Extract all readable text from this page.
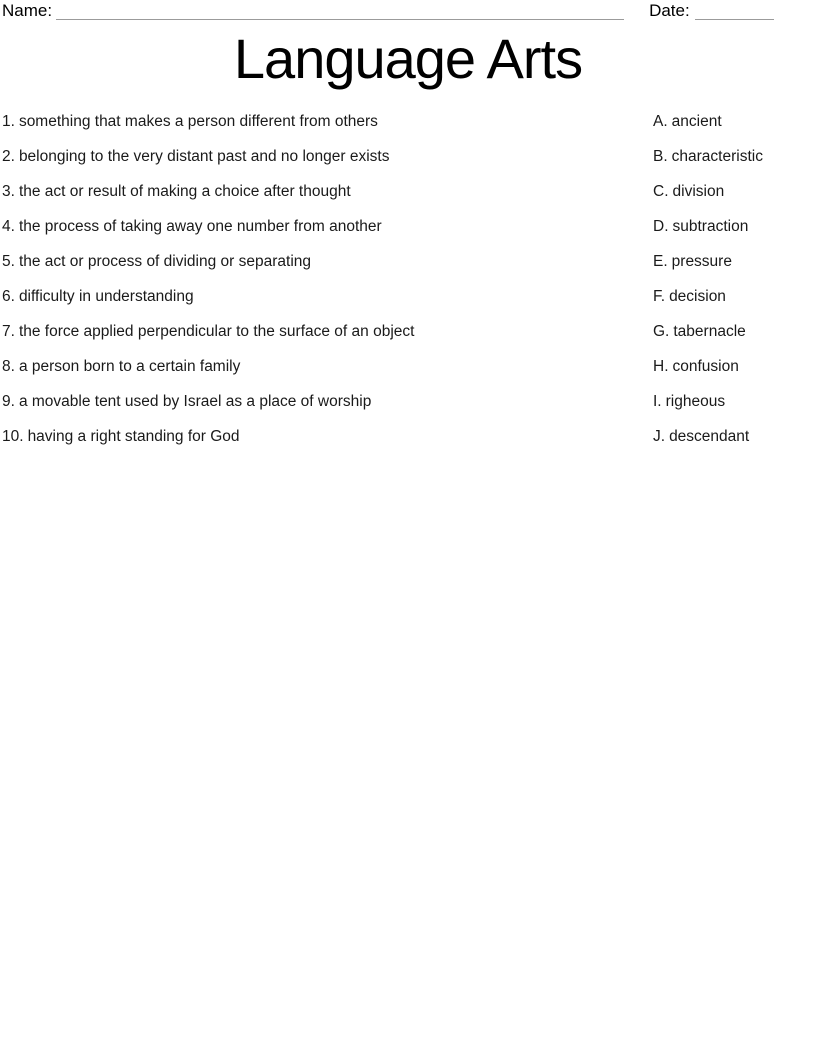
Name:	Date:
Language Arts
1. something that makes a person different from others
2. belonging to the very distant past and no longer exists
3. the act or result of making a choice after thought
4. the process of taking away one number from another
5. the act or process of dividing or separating
6. difficulty in understanding
7. the force applied perpendicular to the surface of an object
8. a person born to a certain family
9. a movable tent used by Israel as a place of worship
10. having a right standing for God
A. ancient
B. characteristic
C. division
D. subtraction
E. pressure
F. decision
G. tabernacle
H. confusion
I. righeous
J. descendant
